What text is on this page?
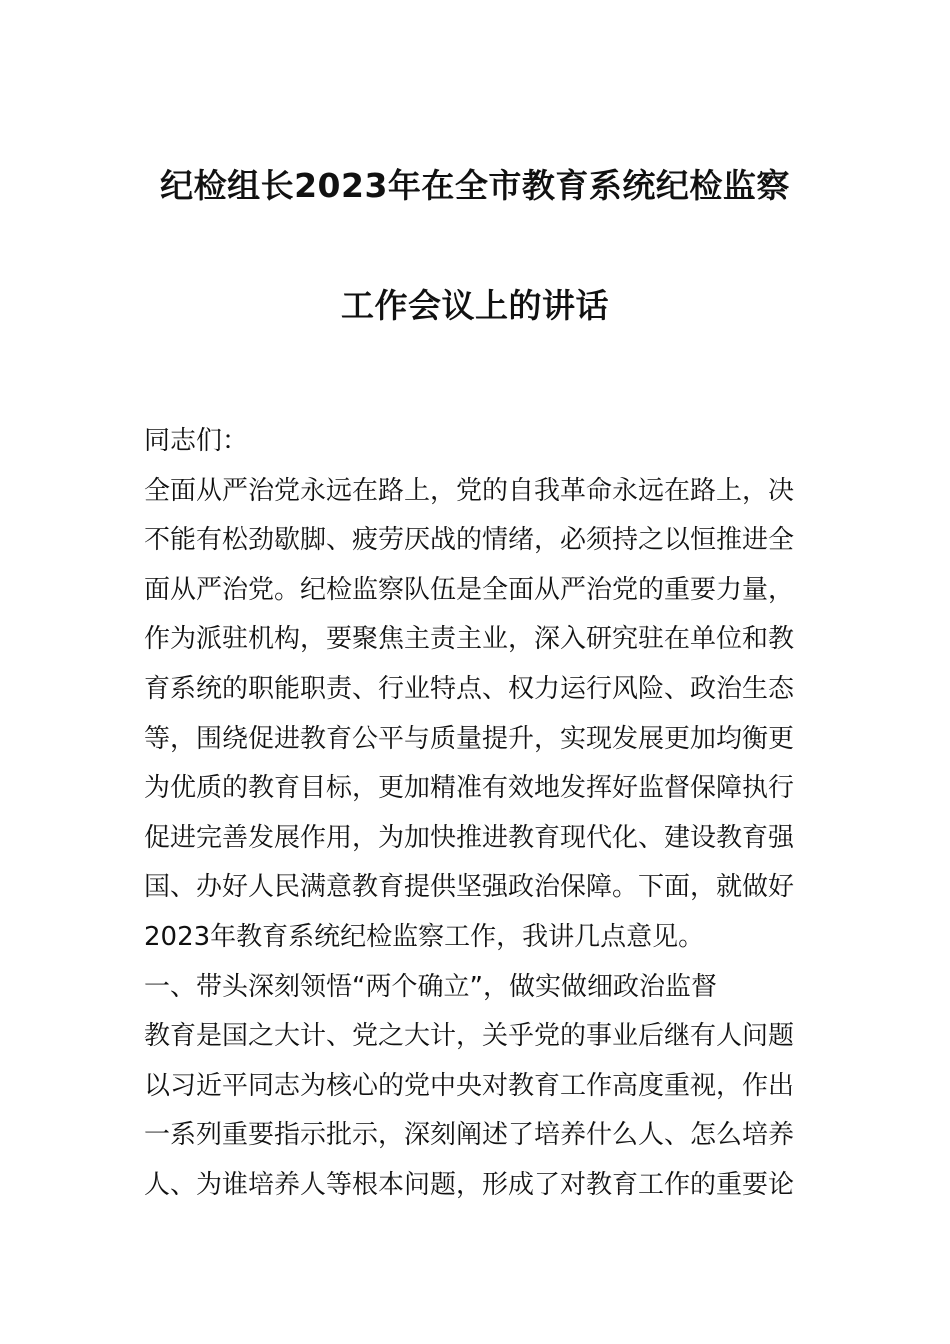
纪检组长2023年在全市教育系统纪检监察
工作会议上的讲话
同志们：
全面从严治党永远在路上，党的自我革命永远在路上，决
不能有松劲歇脚、疲劳厌战的情绪，必须持之以恒推进全
面从严治党。纪检监察队伍是全面从严治党的重要力量，
作为派驻机构，要聚焦主责主业，深入研究驻在单位和教
育系统的职能职责、行业特点、权力运行风险、政治生态
等，围绕促进教育公平与质量提升，实现发展更加均衡更
为优质的教育目标，更加精准有效地发挥好监督保障执行
促进完善发展作用，为加快推进教育现代化、建设教育强
国、办好人民满意教育提供坚强政治保障。下面，就做好
2023年教育系统纪检监察工作，我讲几点意见。
一、带头深刻领悟“两个确立”，做实做细政治监督
教育是国之大计、党之大计，关乎党的事业后继有人问题
以习近平同志为核心的党中央对教育工作高度重视，作出
一系列重要指示批示，深刻阐述了培养什么人、怎么培养
人、为谁培养人等根本问题，形成了对教育工作的重要论
